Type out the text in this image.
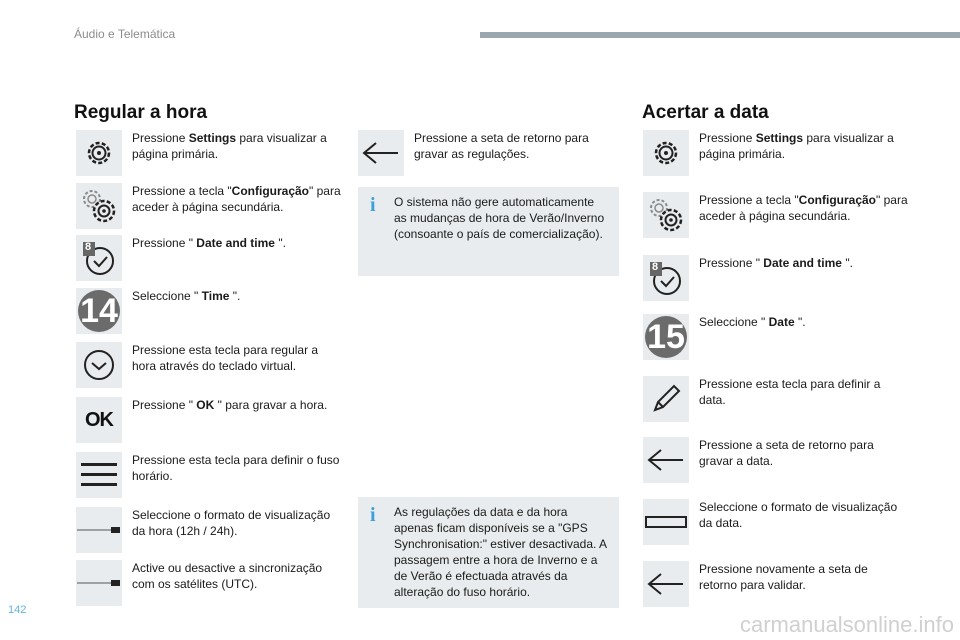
Áudio e Telemática
Regular a hora
Pressione Settings para visualizar a página primária.
Pressione a tecla "Configuração" para aceder à página secundária.
8	Pressione " Date and time ".
14 Seleccione " Time ".
Pressione esta tecla para regular a hora através do teclado virtual.
OK
Pressione " OK " para gravar a hora.
Pressione esta tecla para definir o fuso horário.
Seleccione o formato de visualização da hora (12h / 24h).
Active ou desactive a sincronização com os satélites (UTC).
Pressione a seta de retorno para gravar as regulações.
i O sistema não gere automaticamente as mudanças de hora de Verão/Inverno (consoante o país de comercialização).
i As regulações da data e da hora apenas ficam disponíveis se a "GPS Synchronisation:" estiver desactivada. A passagem entre a hora de Inverno e a de Verão é efectuada através da alteração do fuso horário.
Acertar a data
Pressione Settings para visualizar a página primária.
Pressione a tecla "Configuração" para aceder à página secundária.
8	Pressione " Date and time ".
15 Seleccione " Date ".
Pressione esta tecla para definir a data.
Pressione a seta de retorno para gravar a data.
Seleccione o formato de visualização da data.
Pressione novamente a seta de retorno para validar.
142
carmanualsonline.info
